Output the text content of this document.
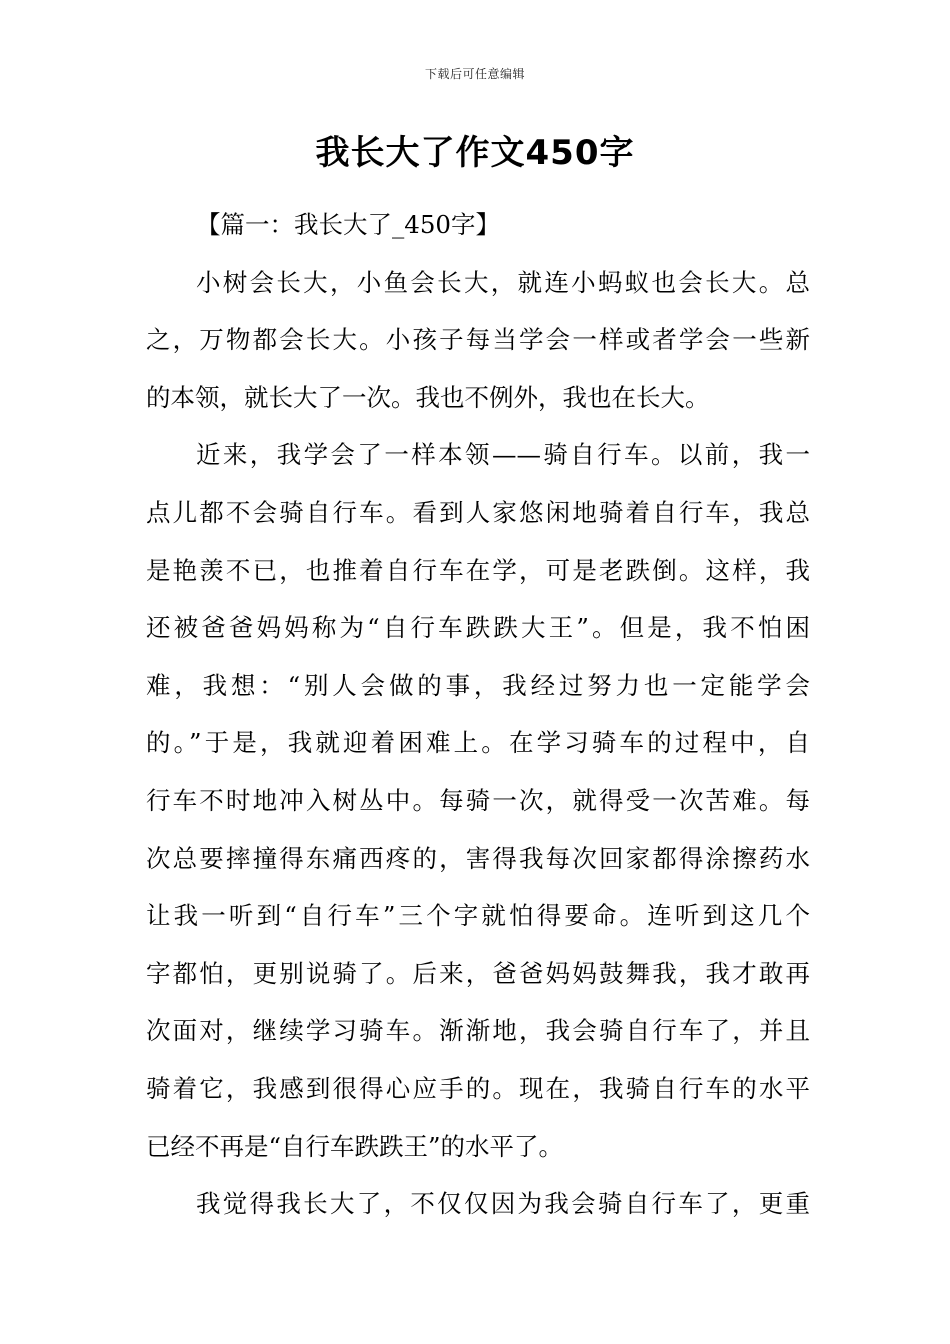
下载后可任意编辑
我长大了作文450字
【篇一：我长大了_450字】
小树会长大，小鱼会长大，就连小蚂蚁也会长大。总
之，万物都会长大。小孩子每当学会一样或者学会一些新
的本领，就长大了一次。我也不例外，我也在长大。
近来，我学会了一样本领——骑自行车。以前，我一
点儿都不会骑自行车。看到人家悠闲地骑着自行车，我总
是艳羡不已，也推着自行车在学，可是老跌倒。这样，我
还被爸爸妈妈称为“自行车跌跌大王”。但是，我不怕困
难，我想：“别人会做的事，我经过努力也一定能学会
的。”于是，我就迎着困难上。在学习骑车的过程中，自
行车不时地冲入树丛中。每骑一次，就得受一次苦难。每
次总要摔撞得东痛西疼的，害得我每次回家都得涂擦药水
让我一听到“自行车”三个字就怕得要命。连听到这几个
字都怕，更别说骑了。后来，爸爸妈妈鼓舞我，我才敢再
次面对，继续学习骑车。渐渐地，我会骑自行车了，并且
骑着它，我感到很得心应手的。现在，我骑自行车的水平
已经不再是“自行车跌跌王”的水平了。
我觉得我长大了，不仅仅因为我会骑自行车了，更重
